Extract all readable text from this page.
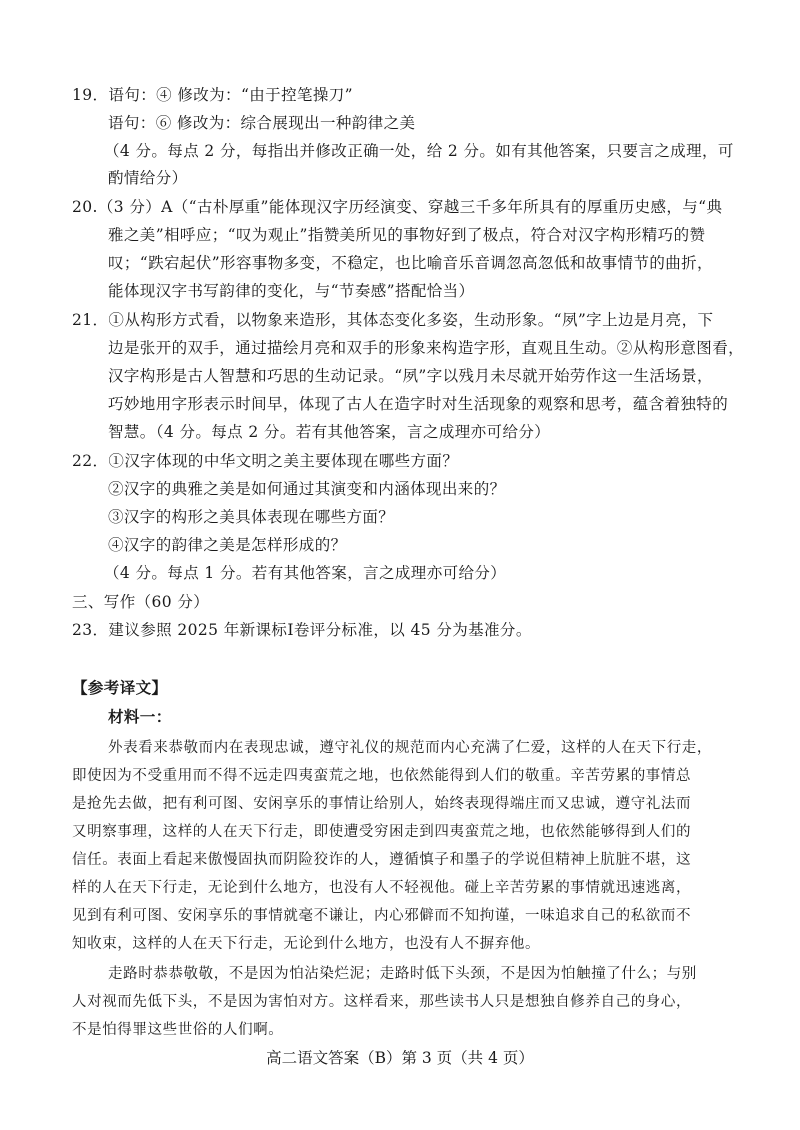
19．语句：④ 修改为：“由于控笔操刀”
语句：⑥ 修改为：综合展现出一种韵律之美
（4 分。每点 2 分，每指出并修改正确一处，给 2 分。如有其他答案，只要言之成理，可
酌情给分）
20.（3 分）A（“古朴厚重”能体现汉字历经演变、穿越三千多年所具有的厚重历史感，与“典
雅之美”相呼应；“叹为观止”指赞美所见的事物好到了极点，符合对汉字构形精巧的赞
叹；“跌宕起伏”形容事物多变，不稳定，也比喻音乐音调忽高忽低和故事情节的曲折，
能体现汉字书写韵律的变化，与“节奏感”搭配恰当）
21．①从构形方式看，以物象来造形，其体态变化多姿，生动形象。“夙”字上边是月亮，下
边是张开的双手，通过描绘月亮和双手的形象来构造字形，直观且生动。②从构形意图看，
汉字构形是古人智慧和巧思的生动记录。“夙”字以残月未尽就开始劳作这一生活场景，
巧妙地用字形表示时间早，体现了古人在造字时对生活现象的观察和思考，蕴含着独特的
智慧。（4 分。每点 2 分。若有其他答案，言之成理亦可给分）
22．①汉字体现的中华文明之美主要体现在哪些方面？
②汉字的典雅之美是如何通过其演变和内涵体现出来的？
③汉字的构形之美具体表现在哪些方面？
④汉字的韵律之美是怎样形成的？
（4 分。每点 1 分。若有其他答案，言之成理亦可给分）
三、写作（60 分）
23．建议参照 2025 年新课标Ⅰ卷评分标准，以 45 分为基准分。
【参考译文】
材料一：
外表看来恭敬而内在表现忠诚，遵守礼仪的规范而内心充满了仁爱，这样的人在天下行走，
即使因为不受重用而不得不远走四夷蛮荒之地，也依然能得到人们的敬重。辛苦劳累的事情总
是抢先去做，把有利可图、安闲享乐的事情让给别人，始终表现得端庄而又忠诚，遵守礼法而
又明察事理，这样的人在天下行走，即使遭受穷困走到四夷蛮荒之地，也依然能够得到人们的
信任。表面上看起来傲慢固执而阴险狡诈的人，遵循慎子和墨子的学说但精神上肮脏不堪，这
样的人在天下行走，无论到什么地方，也没有人不轻视他。碰上辛苦劳累的事情就迅速逃离，
见到有利可图、安闲享乐的事情就毫不谦让，内心邪僻而不知拘谨，一味追求自己的私欲而不
知收束，这样的人在天下行走，无论到什么地方，也没有人不摒弃他。
走路时恭恭敬敬，不是因为怕沾染烂泥；走路时低下头颈，不是因为怕触撞了什么；与别
人对视而先低下头，不是因为害怕对方。这样看来，那些读书人只是想独自修养自己的身心，
不是怕得罪这些世俗的人们啊。
高二语文答案（B）第 3 页（共 4 页）
